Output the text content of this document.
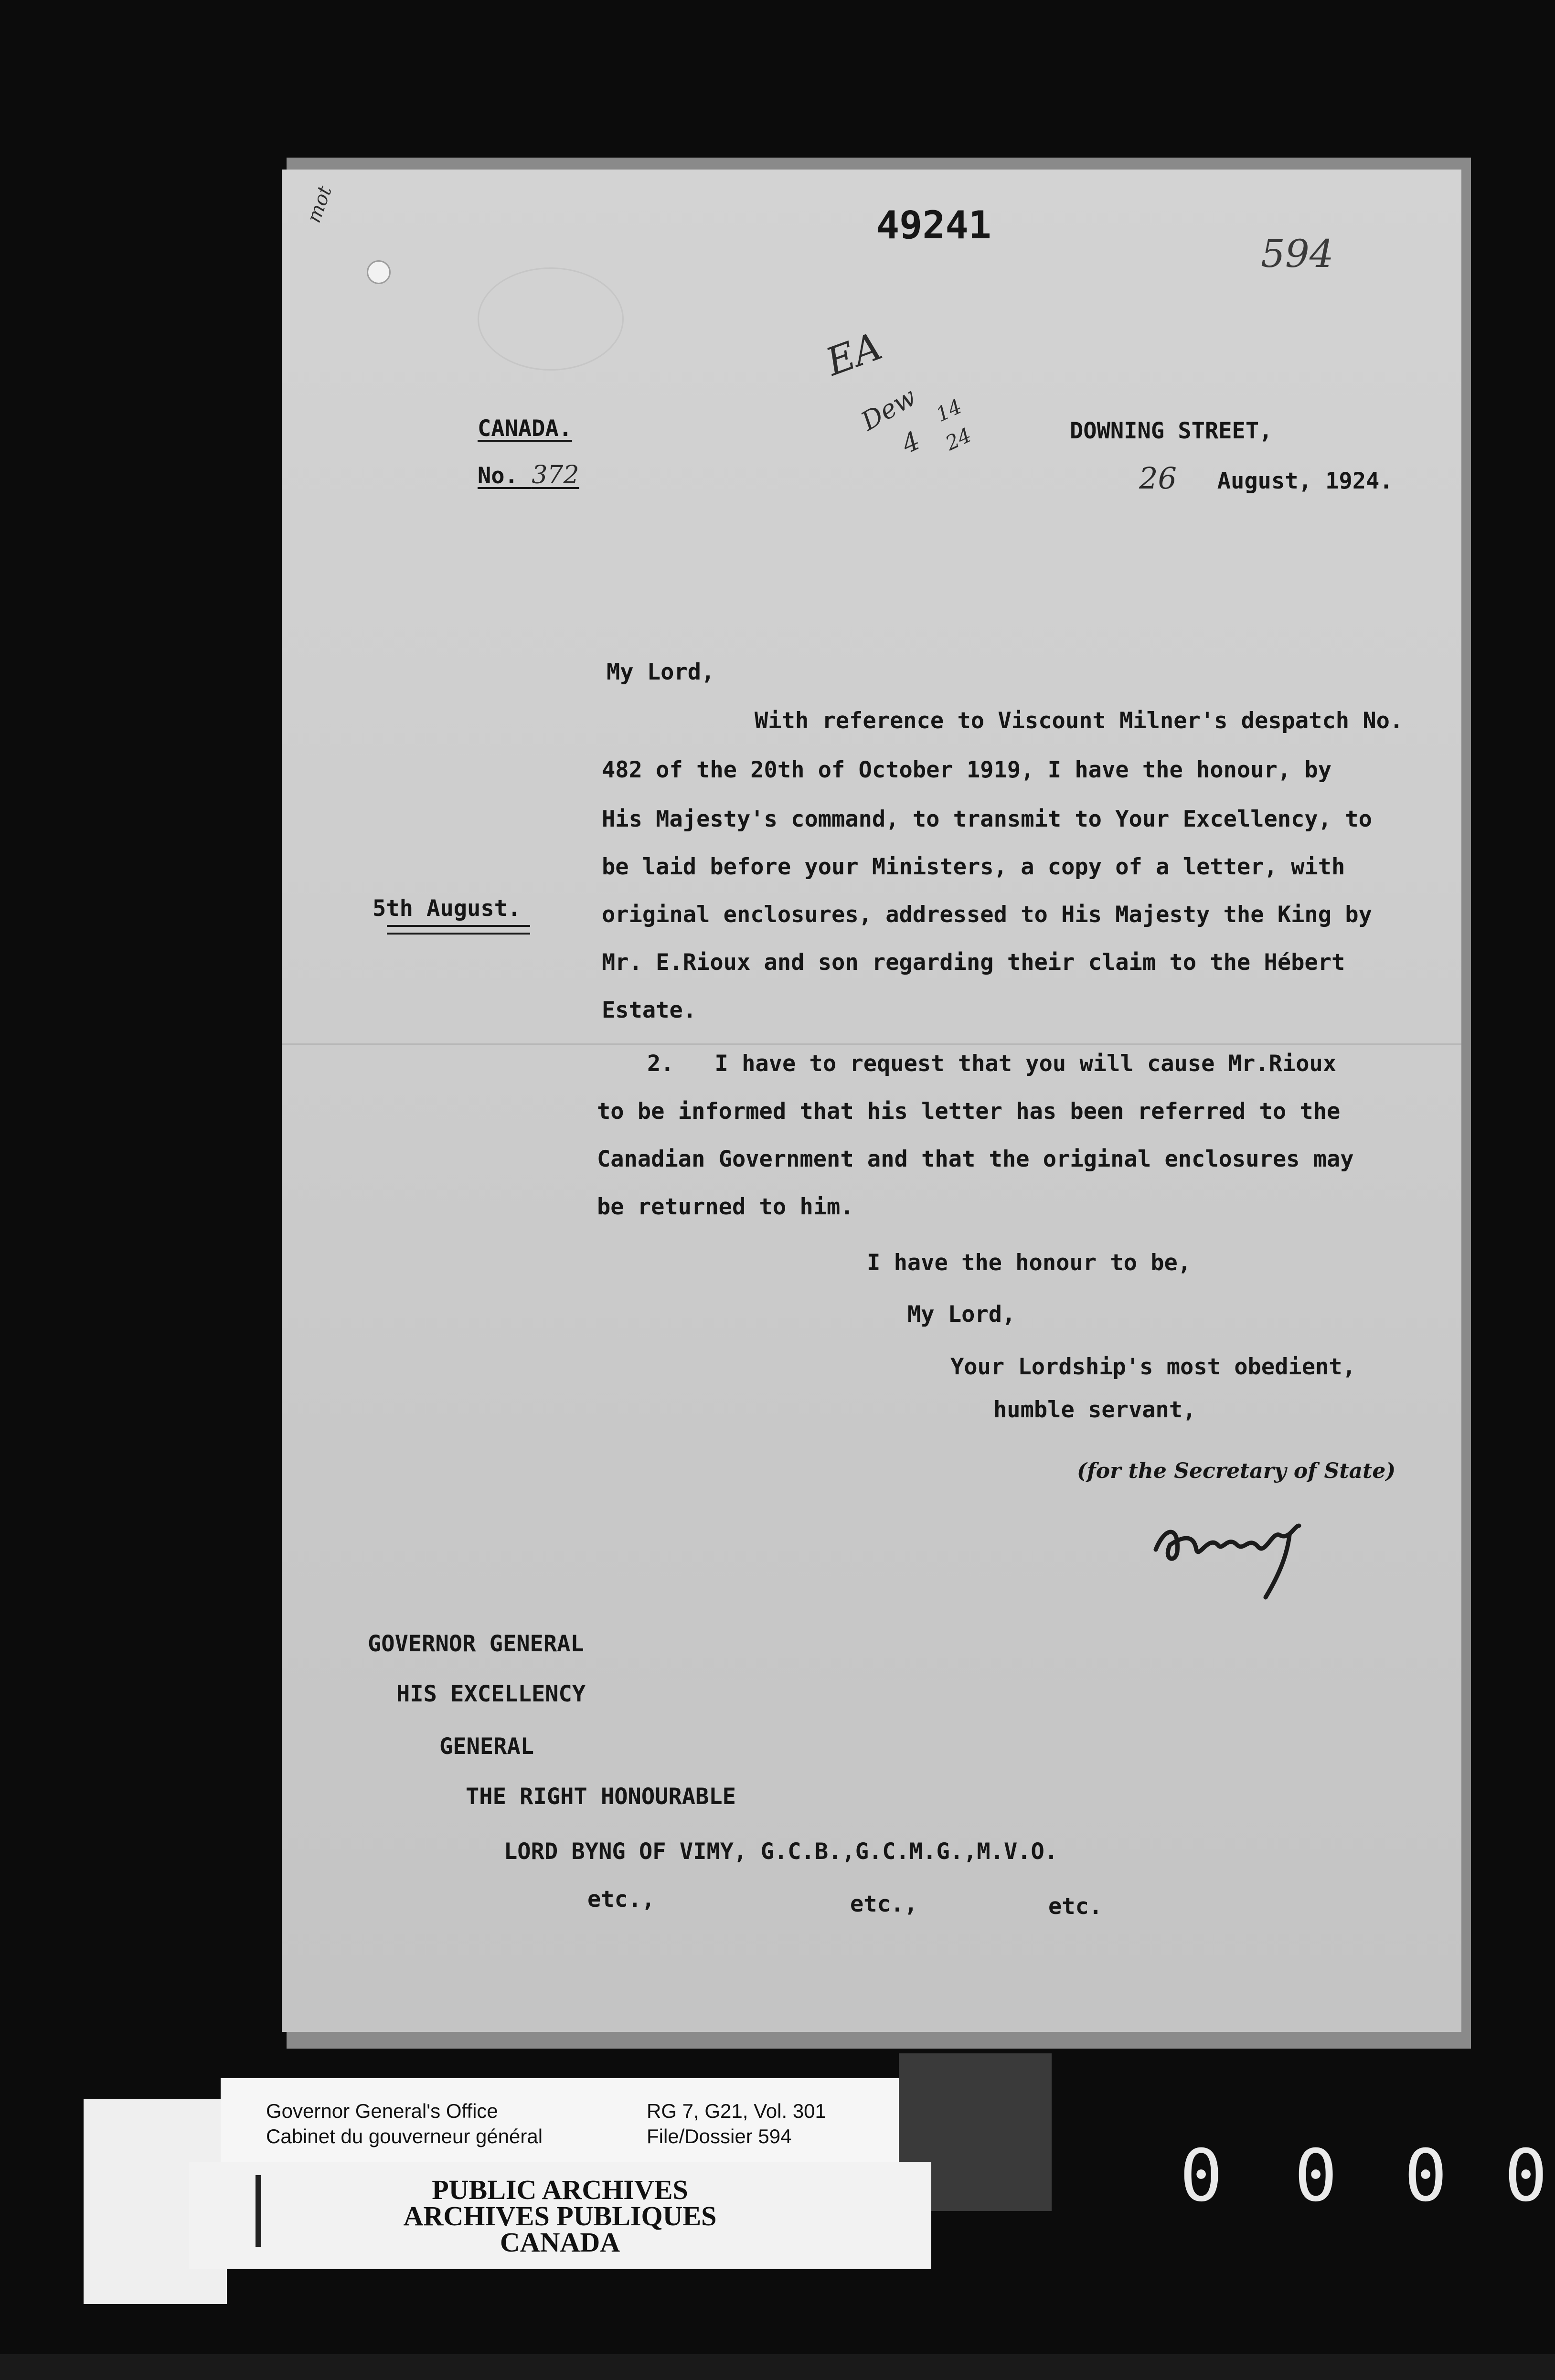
mot	49241
594
EA
Dew
4
14
24
CANADA.
No. 372
DOWNING STREET,
26 August, 1924.
My Lord,
With reference to Viscount Milner's despatch No.
482 of the 20th of October 1919, I have the honour, by
His Majesty's command, to transmit to Your Excellency, to
be laid before your Ministers, a copy of a letter, with
original enclosures, addressed to His Majesty the King by
Mr. E.Rioux and son regarding their claim to the Hébert
Estate.
5th August.
2.   I have to request that you will cause Mr.Rioux
to be informed that his letter has been referred to the
Canadian Government and that the original enclosures may
be returned to him.
I have the honour to be,
My Lord,
Your Lordship's most obedient,
humble servant,
(for the Secretary of State)
GOVERNOR GENERAL
HIS EXCELLENCY
GENERAL
THE RIGHT HONOURABLE
LORD BYNG OF VIMY, G.C.B.,G.C.M.G.,M.V.O.
etc.,	etc.,	etc.
Governor General's Office
Cabinet du gouverneur général
RG 7, G21, Vol. 301
File/Dossier 594
PUBLIC ARCHIVES
ARCHIVES PUBLIQUES
CANADA
0 0 0 0
